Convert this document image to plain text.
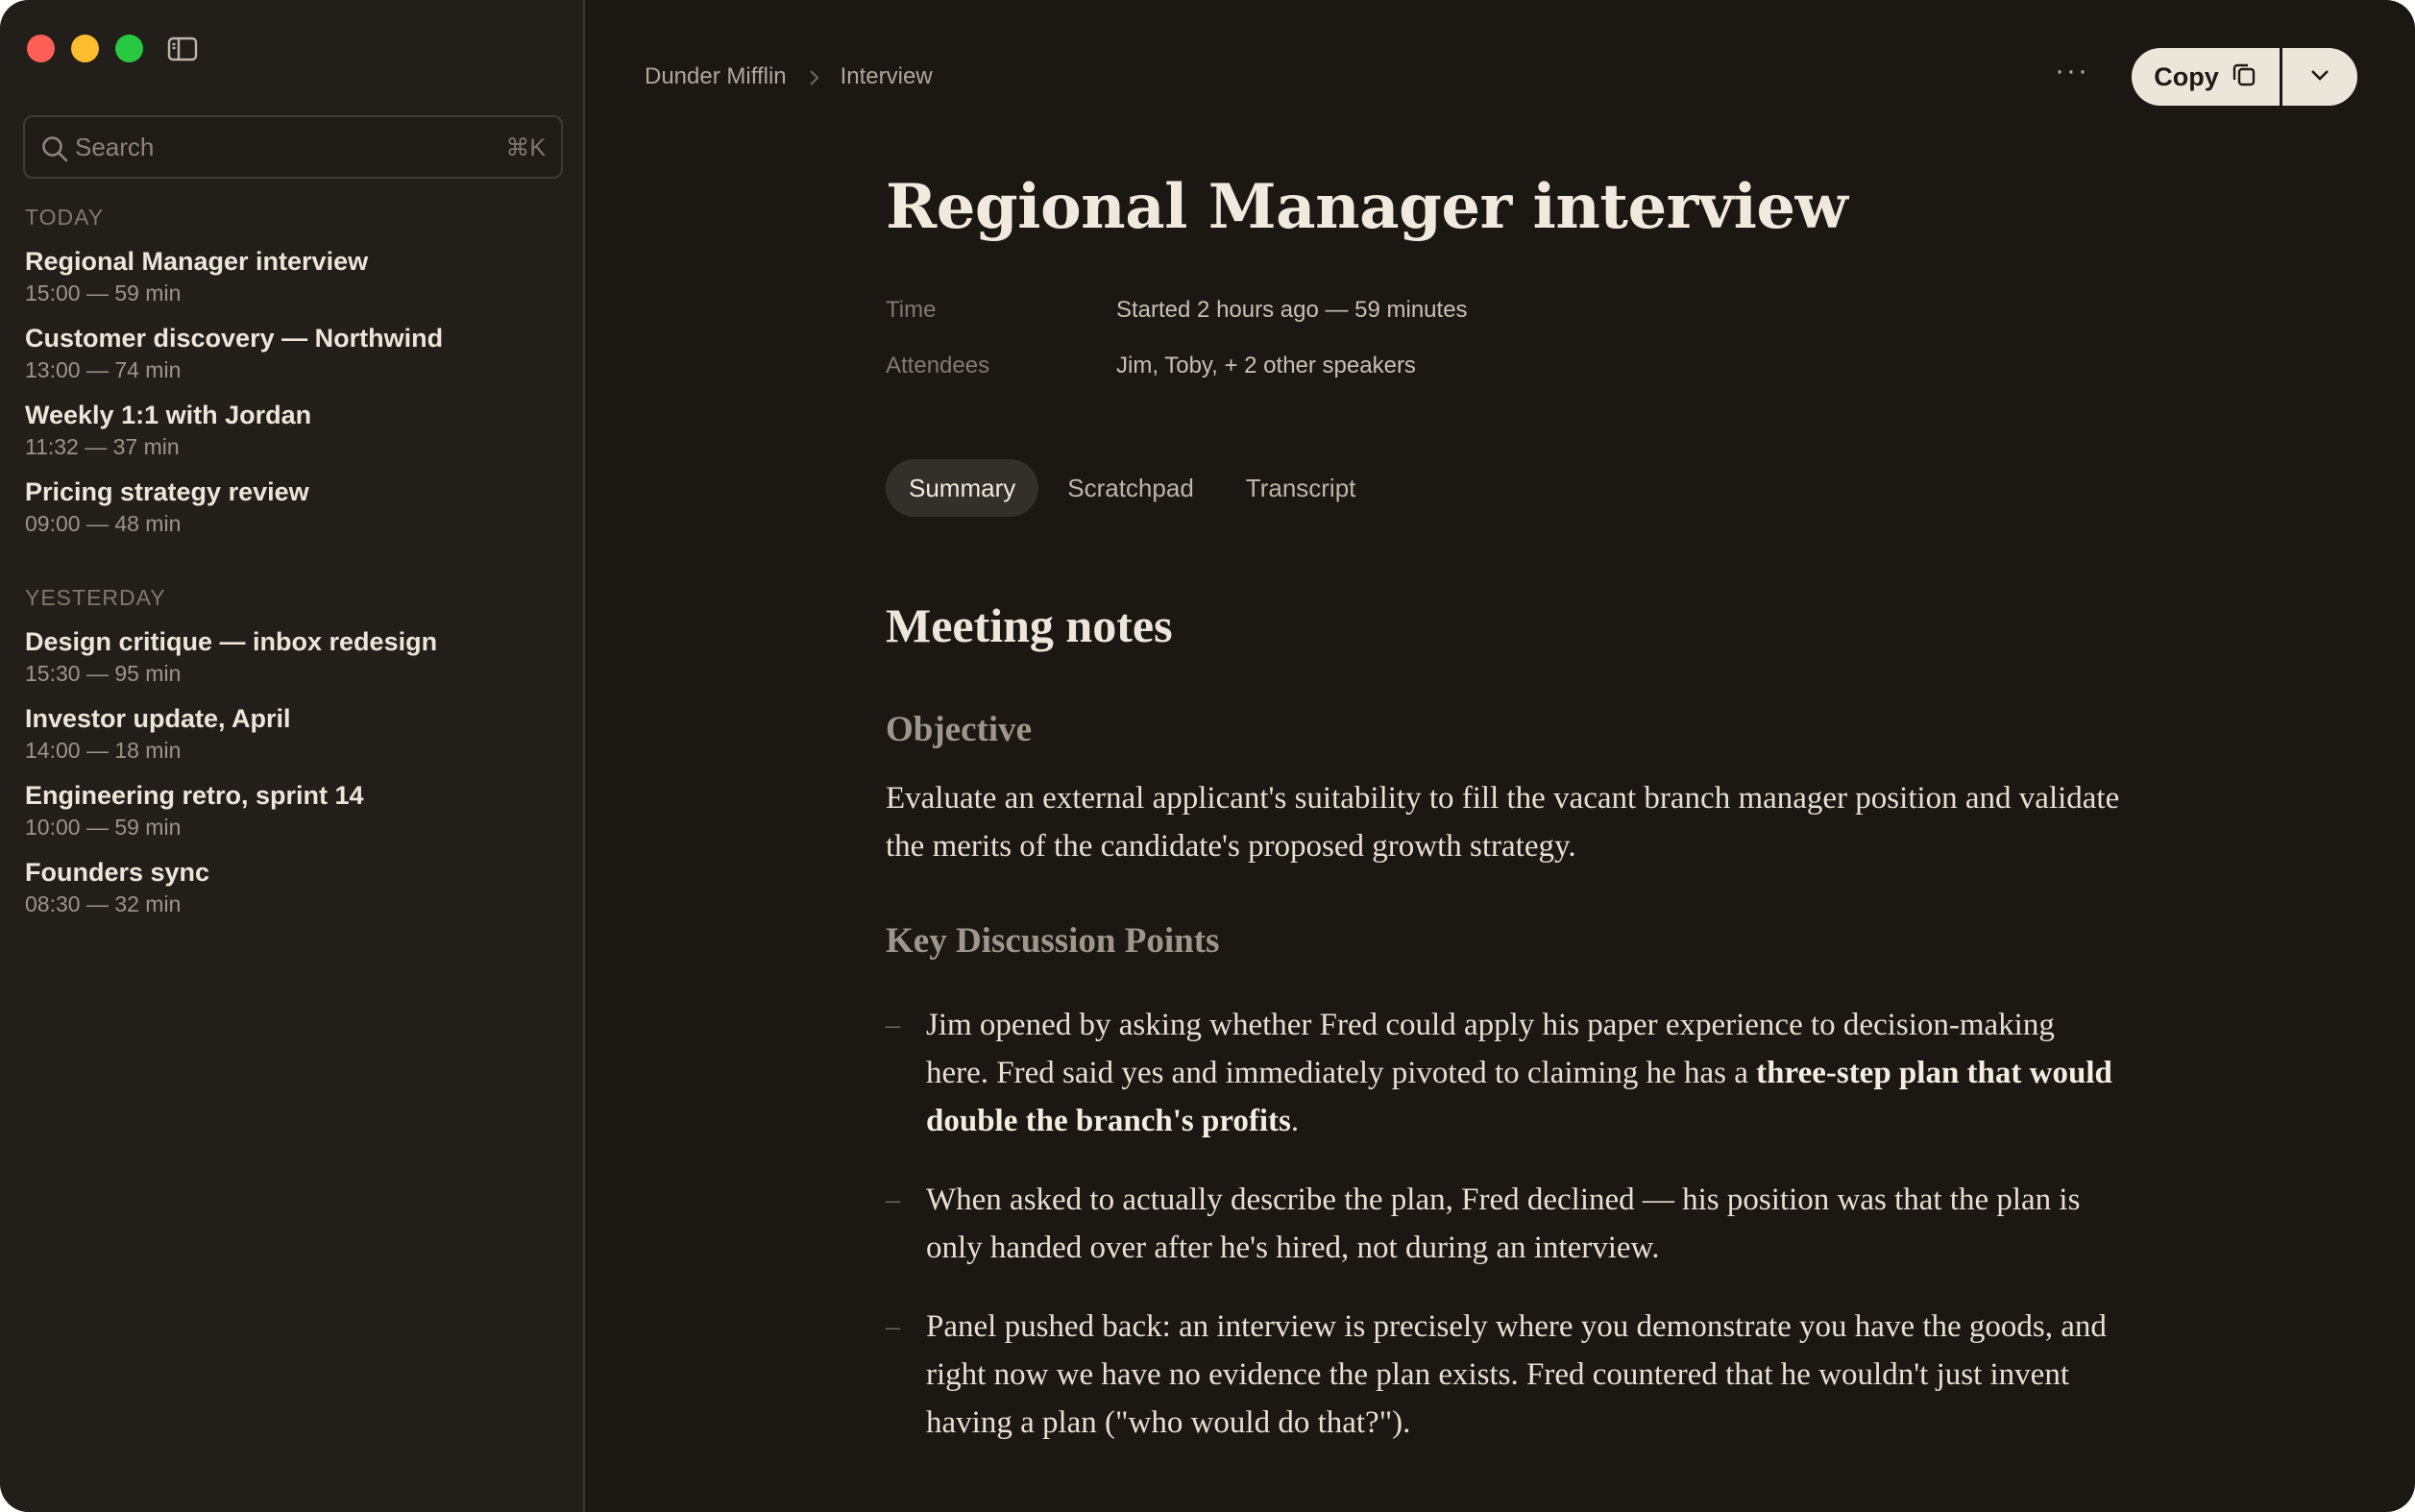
Search
⌘K
TODAY
Regional Manager interview
15:00 — 59 min
Customer discovery — Northwind
13:00 — 74 min
Weekly 1:1 with Jordan
11:32 — 37 min
Pricing strategy review
09:00 — 48 min
YESTERDAY
Design critique — inbox redesign
15:30 — 95 min
Investor update, April
14:00 — 18 min
Engineering retro, sprint 14
10:00 — 59 min
Founders sync
08:30 — 32 min
Dunder Mifflin Interview	··· Copy
Regional Manager interview
Time	Started 2 hours ago — 59 minutes
Attendees	Jim, Toby, + 2 other speakers
Summary	Scratchpad	Transcript
Meeting notes
Objective

Evaluate an external applicant's suitability to fill the vacant branch manager position and validate the merits of the candidate's proposed growth strategy.

Key Discussion Points
– Jim opened by asking whether Fred could apply his paper experience to decision-making here. Fred said yes and immediately pivoted to claiming he has a three-step plan that would double the branch's profits.
– When asked to actually describe the plan, Fred declined — his position was that the plan is only handed over after he's hired, not during an interview.
– Panel pushed back: an interview is precisely where you demonstrate you have the goods, and right now we have no evidence the plan exists. Fred countered that he wouldn't just invent having a plan ("who would do that?").
